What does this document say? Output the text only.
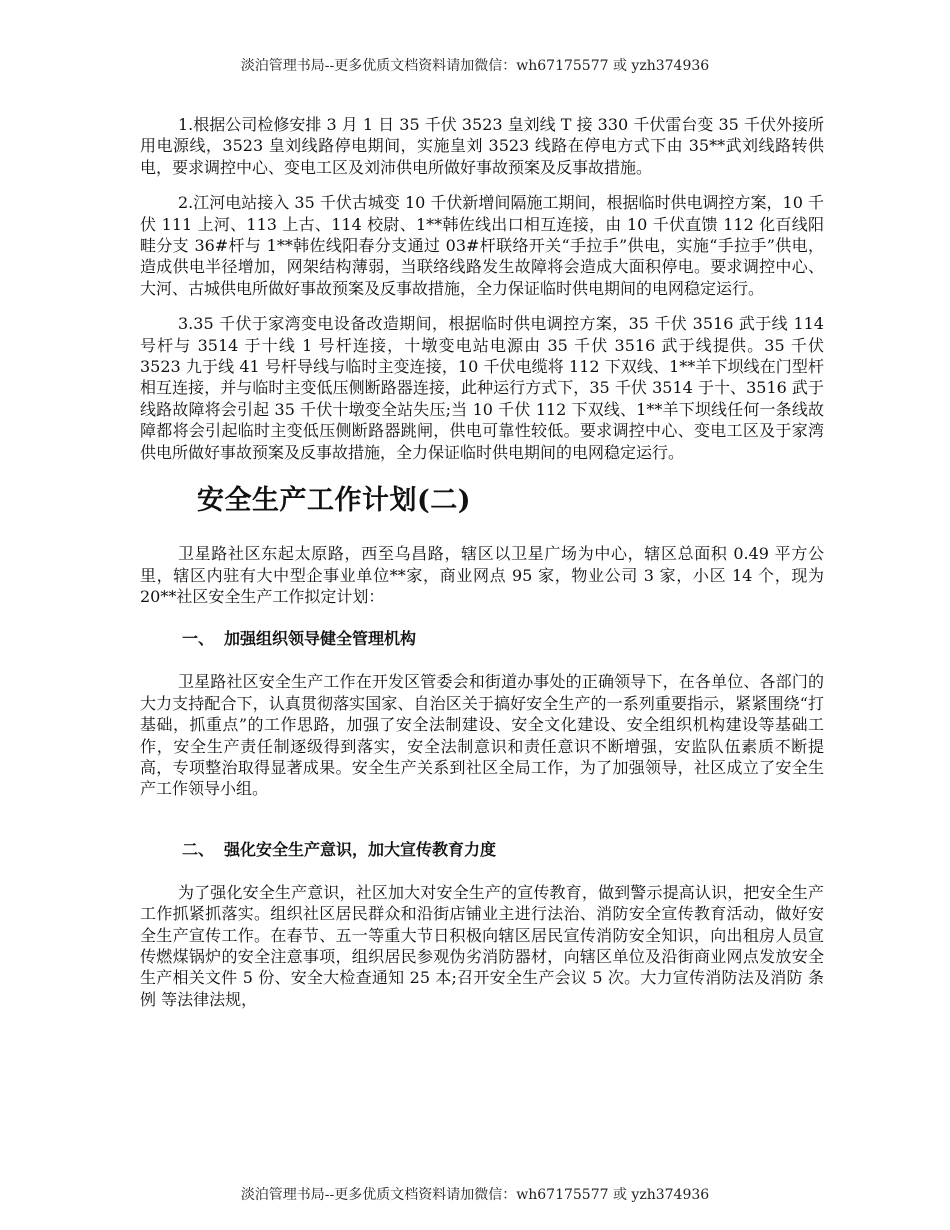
淡泊管理书局--更多优质文档资料请加微信：wh67175577 或 yzh374936

1.根据公司检修安排 3 月 1 日 35 千伏 3523 皇刘线 T 接 330 千伏雷台变 35 千伏外接所用电源线，3523 皇刘线路停电期间，实施皇刘 3523 线路在停电方式下由 35**武刘线路转供电，要求调控中心、变电工区及刘沛供电所做好事故预案及反事故措施。

2.江河电站接入 35 千伏古城变 10 千伏新增间隔施工期间，根据临时供电调控方案，10 千伏 111 上河、113 上古、114 校尉、1**韩佐线出口相互连接，由 10 千伏直馈 112 化百线阳畦分支 36#杆与 1**韩佐线阳春分支通过 03#杆联络开关“手拉手”供电，实施“手拉手”供电，造成供电半径增加，网架结构薄弱，当联络线路发生故障将会造成大面积停电。要求调控中心、大河、古城供电所做好事故预案及反事故措施，全力保证临时供电期间的电网稳定运行。

3.35 千伏于家湾变电设备改造期间，根据临时供电调控方案，35 千伏 3516 武于线 114 号杆与 3514 于十线 1 号杆连接，十墩变电站电源由 35 千伏 3516 武于线提供。35 千伏 3523 九于线 41 号杆导线与临时主变连接，10 千伏电缆将 112 下双线、1**羊下坝线在门型杆相互连接，并与临时主变低压侧断路器连接，此种运行方式下，35 千伏 3514 于十、3516 武于线路故障将会引起 35 千伏十墩变全站失压;当 10 千伏 112 下双线、1**羊下坝线任何一条线故障都将会引起临时主变低压侧断路器跳闸，供电可靠性较低。要求调控中心、变电工区及于家湾供电所做好事故预案及反事故措施，全力保证临时供电期间的电网稳定运行。

安全生产工作计划(二)

卫星路社区东起太原路，西至乌昌路，辖区以卫星广场为中心，辖区总面积 0.49 平方公里，辖区内驻有大中型企事业单位**家，商业网点 95 家，物业公司 3 家，小区 14 个，现为 20**社区安全生产工作拟定计划：

一、 加强组织领导健全管理机构

卫星路社区安全生产工作在开发区管委会和街道办事处的正确领导下，在各单位、各部门的大力支持配合下，认真贯彻落实国家、自治区关于搞好安全生产的一系列重要指示，紧紧围绕“打基础，抓重点”的工作思路，加强了安全法制建设、安全文化建设、安全组织机构建设等基础工作，安全生产责任制逐级得到落实，安全法制意识和责任意识不断增强，安监队伍素质不断提高，专项整治取得显著成果。安全生产关系到社区全局工作，为了加强领导，社区成立了安全生产工作领导小组。

二、 强化安全生产意识，加大宣传教育力度

为了强化安全生产意识，社区加大对安全生产的宣传教育，做到警示提高认识，把安全生产工作抓紧抓落实。组织社区居民群众和沿街店铺业主进行法治、消防安全宣传教育活动，做好安全生产宣传工作。在春节、五一等重大节日积极向辖区居民宣传消防安全知识，向出租房人员宣传燃煤锅炉的安全注意事项，组织居民参观伪劣消防器材，向辖区单位及沿街商业网点发放安全生产相关文件 5 份、安全大检查通知 25 本;召开安全生产会议 5 次。大力宣传消防法及消防 条例 等法律法规，

淡泊管理书局--更多优质文档资料请加微信：wh67175577 或 yzh374936
